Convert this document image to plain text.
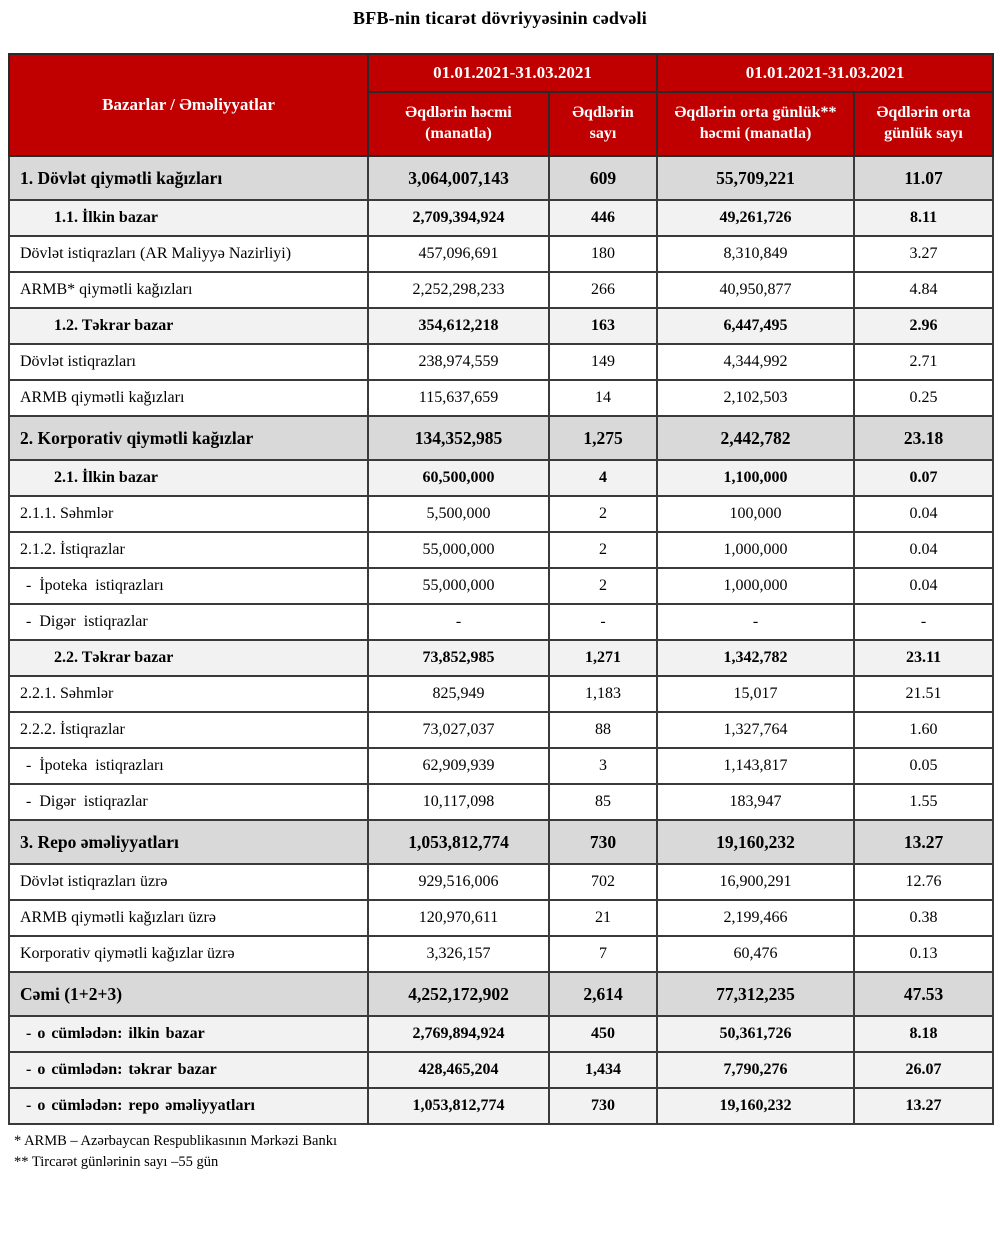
BFB-nin ticarət dövriyyəsinin cədvəli
Bazarlar / Əməliyyatlar	01.01.2021-31.03.2021		01.01.2021-31.03.2021	
	Əqdlərin həcmi (manatla)	Əqdlərin sayı	Əqdlərin orta günlük** həcmi (manatla)	Əqdlərin orta günlük sayı
1. Dövlət qiymətli kağızları	3,064,007,143	609	55,709,221	11.07
1.1. İlkin bazar	2,709,394,924	446	49,261,726	8.11
Dövlət istiqrazları (AR Maliyyə Nazirliyi)	457,096,691	180	8,310,849	3.27
ARMB* qiymətli kağızları	2,252,298,233	266	40,950,877	4.84
1.2. Təkrar bazar	354,612,218	163	6,447,495	2.96
Dövlət istiqrazları	238,974,559	149	4,344,992	2.71
ARMB qiymətli kağızları	115,637,659	14	2,102,503	0.25
2. Korporativ qiymətli kağızlar	134,352,985	1,275	2,442,782	23.18
2.1. İlkin bazar	60,500,000	4	1,100,000	0.07
2.1.1. Səhmlər	5,500,000	2	100,000	0.04
2.1.2. İstiqrazlar	55,000,000	2	1,000,000	0.04
- İpoteka istiqrazları	55,000,000	2	1,000,000	0.04
- Digər istiqrazlar	-	-	-	-
2.2. Təkrar bazar	73,852,985	1,271	1,342,782	23.11
2.2.1. Səhmlər	825,949	1,183	15,017	21.51
2.2.2. İstiqrazlar	73,027,037	88	1,327,764	1.60
- İpoteka istiqrazları	62,909,939	3	1,143,817	0.05
- Digər istiqrazlar	10,117,098	85	183,947	1.55
3. Repo əməliyyatları	1,053,812,774	730	19,160,232	13.27
Dövlət istiqrazları üzrə	929,516,006	702	16,900,291	12.76
ARMB qiymətli kağızları üzrə	120,970,611	21	2,199,466	0.38
Korporativ qiymətli kağızlar üzrə	3,326,157	7	60,476	0.13
Cəmi (1+2+3)	4,252,172,902	2,614	77,312,235	47.53
- o cümlədən: ilkin bazar	2,769,894,924	450	50,361,726	8.18
- o cümlədən: təkrar bazar	428,465,204	1,434	7,790,276	26.07
- o cümlədən: repo əməliyyatları	1,053,812,774	730	19,160,232	13.27
* ARMB – Azərbaycan Respublikasının Mərkəzi Bankı
** Tircarət günlərinin sayı –55 gün
